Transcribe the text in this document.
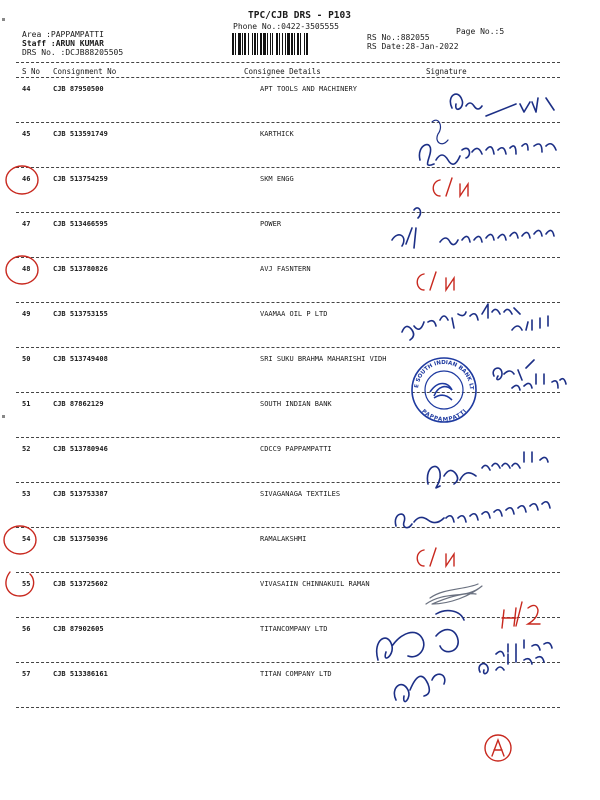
TPC/CJB DRS - P103
Phone No.:0422-3505555
Page No.:5
Area :PAPPAMPATTI
Staff :ARUN KUMAR
DRS No. :DCJB88205505
RS No.:882055
RS Date:28-Jan-2022
S No Consignment No	Consignee Details	Signature
44	CJB 87950500	APT TOOLS AND MACHINERY
45	CJB 513591749	KARTHICK
46	CJB 513754259	SKM ENGG
47	CJB 513466595	POWER
48	CJB 513780826	AVJ FASNTERN
49	CJB 513753155	VAAMAA OIL P LTD
50	CJB 513749408	SRI SUKU BRAHMA MAHARISHI VIDH
51	CJB 87862129	SOUTH INDIAN BANK
52	CJB 513780946	CDCC9 PAPPAMPATTI
53	CJB 513753387	SIVAGANAGA TEXTILES
54	CJB 513750396	RAMALAKSHMI
55	CJB 513725602	VIVASAIIN CHINNAKUIL RAMAN
56	CJB 87902605	TITANCOMPANY LTD
57	CJB 513386161	TITAN COMPANY LTD
THE SOUTH INDIAN BANK LTD.
PAPPAMPATTI
